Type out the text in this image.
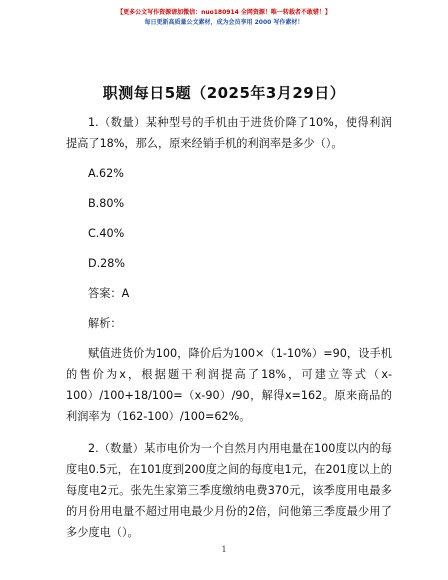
【更多公文写作资源请加微信：nuo180914 全网资源！唯一转载者不敢错！】
每日更新高质量公文素材，成为会员享用 2000 写作素材！
职测每日5题（2025年3月29日）

1.（数量）某种型号的手机由于进货价降了10%，使得利润提高了18%，那么，原来经销手机的利润率是多少（）。

A.62%

B.80%

C.40%

D.28%

答案：A

解析：

赋值进货价为100，降价后为100×（1-10%）=90，设手机的售价为x，根据题干利润提高了18%，可建立等式（x-100）/100+18/100=（x-90）/90，解得x=162。原来商品的利润率为（162-100）/100=62%。

2.（数量）某市电价为一个自然月内用电量在100度以内的每度电0.5元，在101度到200度之间的每度电1元，在201度以上的每度电2元。张先生家第三季度缴纳电费370元，该季度用电最多的月份用电量不超过用电最少月份的2倍，问他第三季度最少用了多少度电（）。

1
